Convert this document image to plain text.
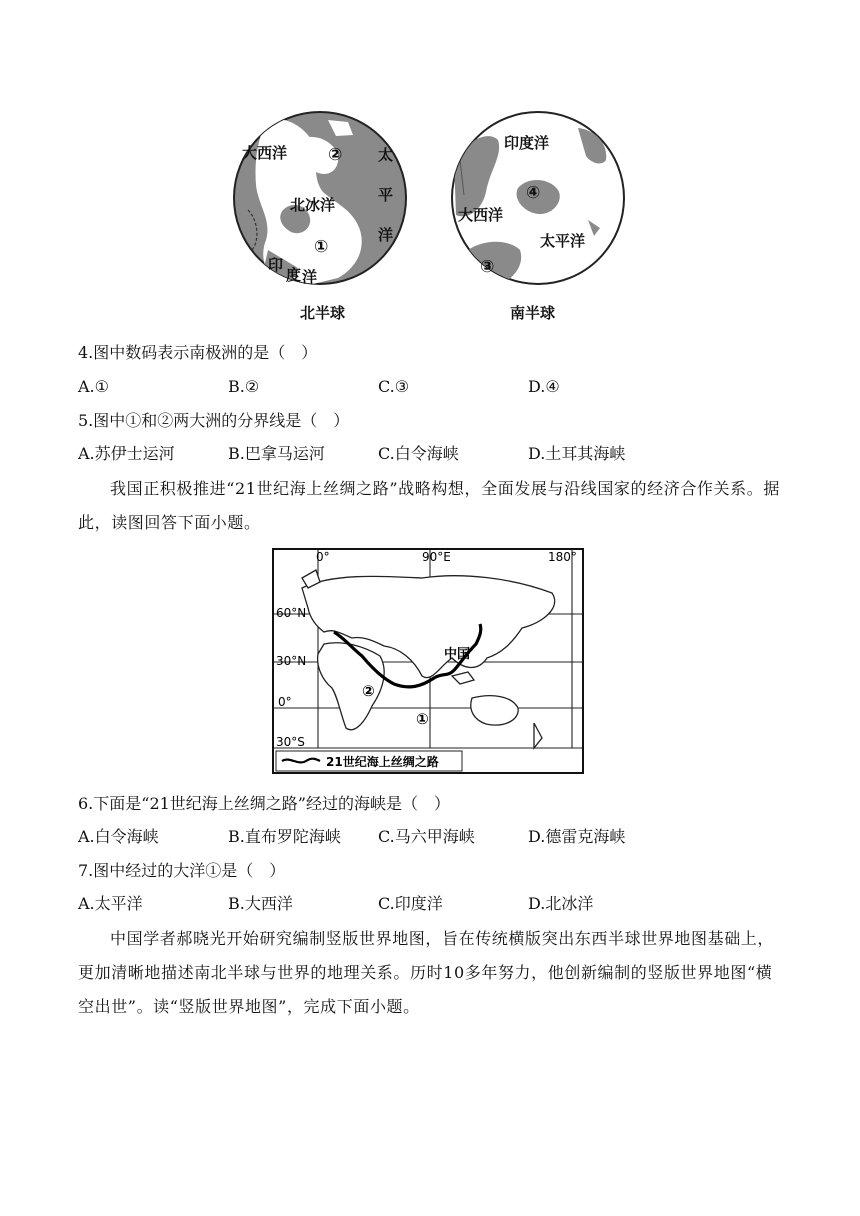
大西洋	太
平
洋
北冰洋
印
度 洋
②
①
印度洋
大西洋
太平洋
③
④
北半球	南半球
4.图中数码表示南极洲的是（　）
A.①	B.②	C.③	D.④
5.图中①和②两大洲的分界线是（　）
A.苏伊士运河	B.巴拿马运河	C.白令海峡	D.土耳其海峡
我国正积极推进“21世纪海上丝绸之路”战略构想，全面发展与沿线国家的经济合作关系。据此，读图回答下面小题。
0°	90°E	180°
60°N
30°N
0°
30°S
中国
②
①
21世纪海上丝绸之路
6.下面是“21世纪海上丝绸之路”经过的海峡是（　）
A.白令海峡	B.直布罗陀海峡 C.马六甲海峡	D.德雷克海峡
7.图中经过的大洋①是（　）
A.太平洋	B.大西洋	C.印度洋	D.北冰洋
中国学者郝晓光开始研究编制竖版世界地图，旨在传统横版突出东西半球世界地图基础上，更加清晰地描述南北半球与世界的地理关系。历时10多年努力，他创新编制的竖版世界地图“横空出世”。读“竖版世界地图”，完成下面小题。
